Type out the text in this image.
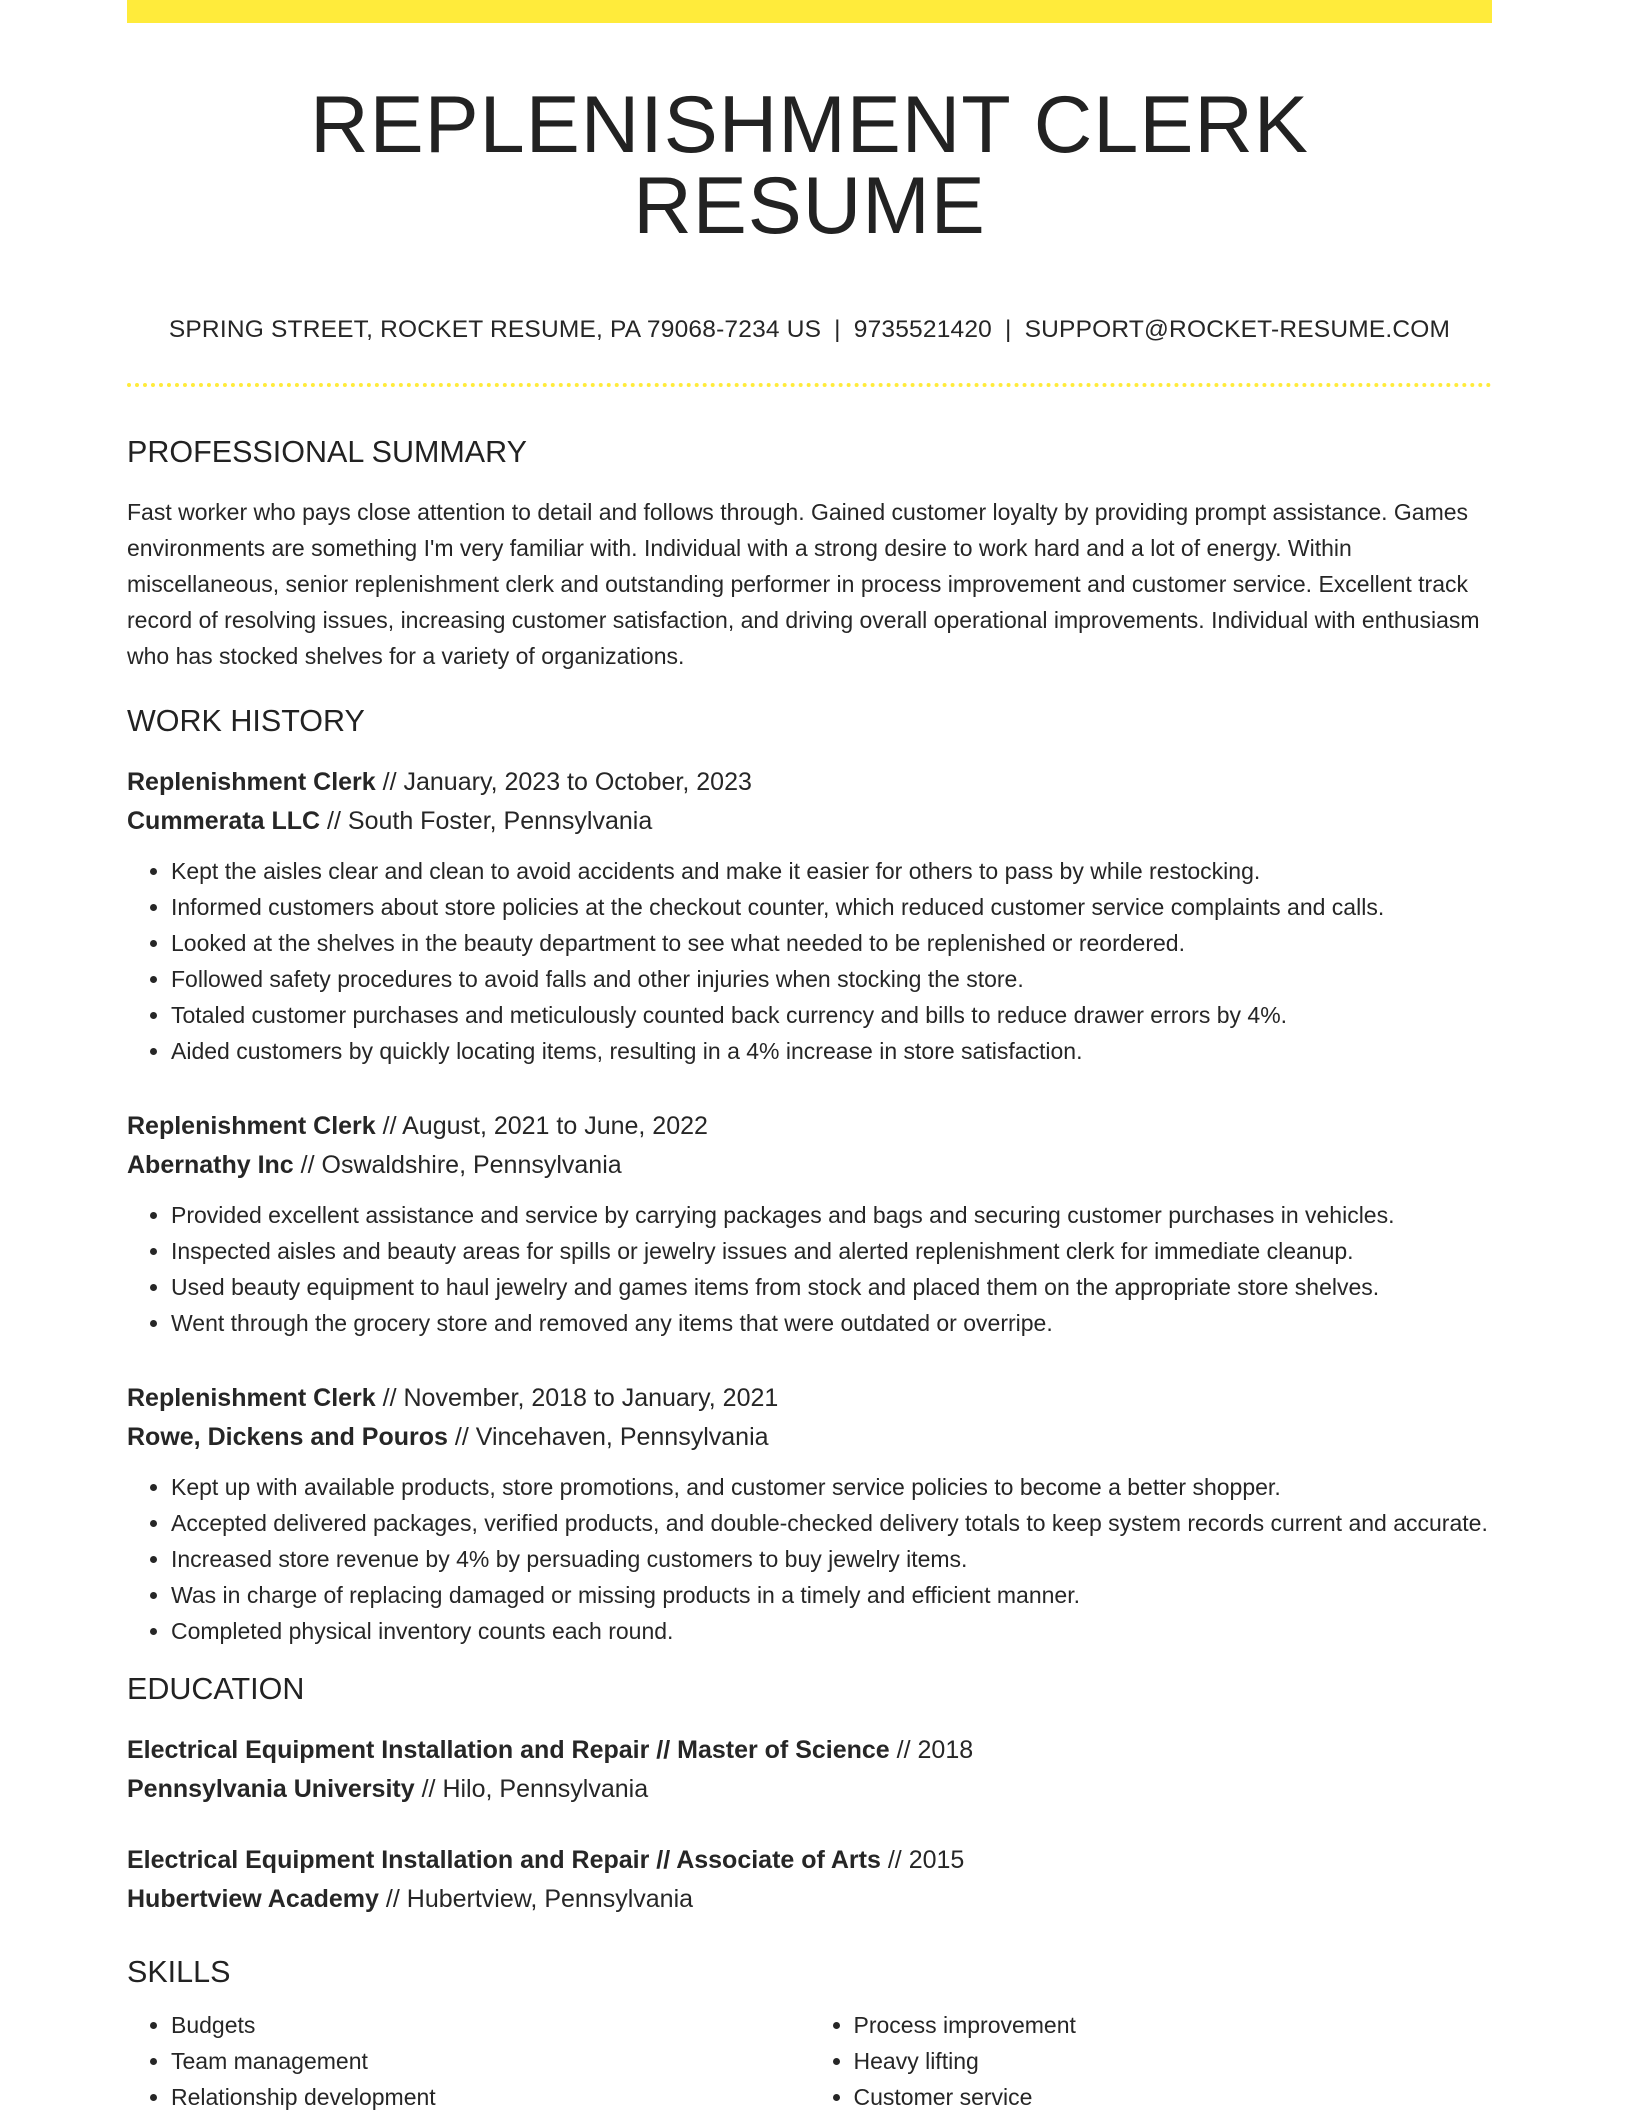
REPLENISHMENT CLERK RESUME
SPRING STREET, ROCKET RESUME, PA 79068-7234 US | 9735521420 | SUPPORT@ROCKET-RESUME.COM
PROFESSIONAL SUMMARY

Fast worker who pays close attention to detail and follows through. Gained customer loyalty by providing prompt assistance. Games environments are something I'm very familiar with. Individual with a strong desire to work hard and a lot of energy. Within miscellaneous, senior replenishment clerk and outstanding performer in process improvement and customer service. Excellent track record of resolving issues, increasing customer satisfaction, and driving overall operational improvements. Individual with enthusiasm who has stocked shelves for a variety of organizations.

WORK HISTORY
Replenishment Clerk // January, 2023 to October, 2023
Cummerata LLC // South Foster, Pennsylvania
• Kept the aisles clear and clean to avoid accidents and make it easier for others to pass by while restocking.
• Informed customers about store policies at the checkout counter, which reduced customer service complaints and calls.
• Looked at the shelves in the beauty department to see what needed to be replenished or reordered.
• Followed safety procedures to avoid falls and other injuries when stocking the store.
• Totaled customer purchases and meticulously counted back currency and bills to reduce drawer errors by 4%.
• Aided customers by quickly locating items, resulting in a 4% increase in store satisfaction.
Replenishment Clerk // August, 2021 to June, 2022
Abernathy Inc // Oswaldshire, Pennsylvania
• Provided excellent assistance and service by carrying packages and bags and securing customer purchases in vehicles.
• Inspected aisles and beauty areas for spills or jewelry issues and alerted replenishment clerk for immediate cleanup.
• Used beauty equipment to haul jewelry and games items from stock and placed them on the appropriate store shelves.
• Went through the grocery store and removed any items that were outdated or overripe.
Replenishment Clerk // November, 2018 to January, 2021
Rowe, Dickens and Pouros // Vincehaven, Pennsylvania
• Kept up with available products, store promotions, and customer service policies to become a better shopper.
• Accepted delivered packages, verified products, and double-checked delivery totals to keep system records current and accurate.
• Increased store revenue by 4% by persuading customers to buy jewelry items.
• Was in charge of replacing damaged or missing products in a timely and efficient manner.
• Completed physical inventory counts each round.
EDUCATION
Electrical Equipment Installation and Repair // Master of Science // 2018
Pennsylvania University // Hilo, Pennsylvania
Electrical Equipment Installation and Repair // Associate of Arts // 2015
Hubertview Academy // Hubertview, Pennsylvania
SKILLS
• Budgets
• Team management
• Relationship development
• Process improvement
• Heavy lifting
• Customer service
